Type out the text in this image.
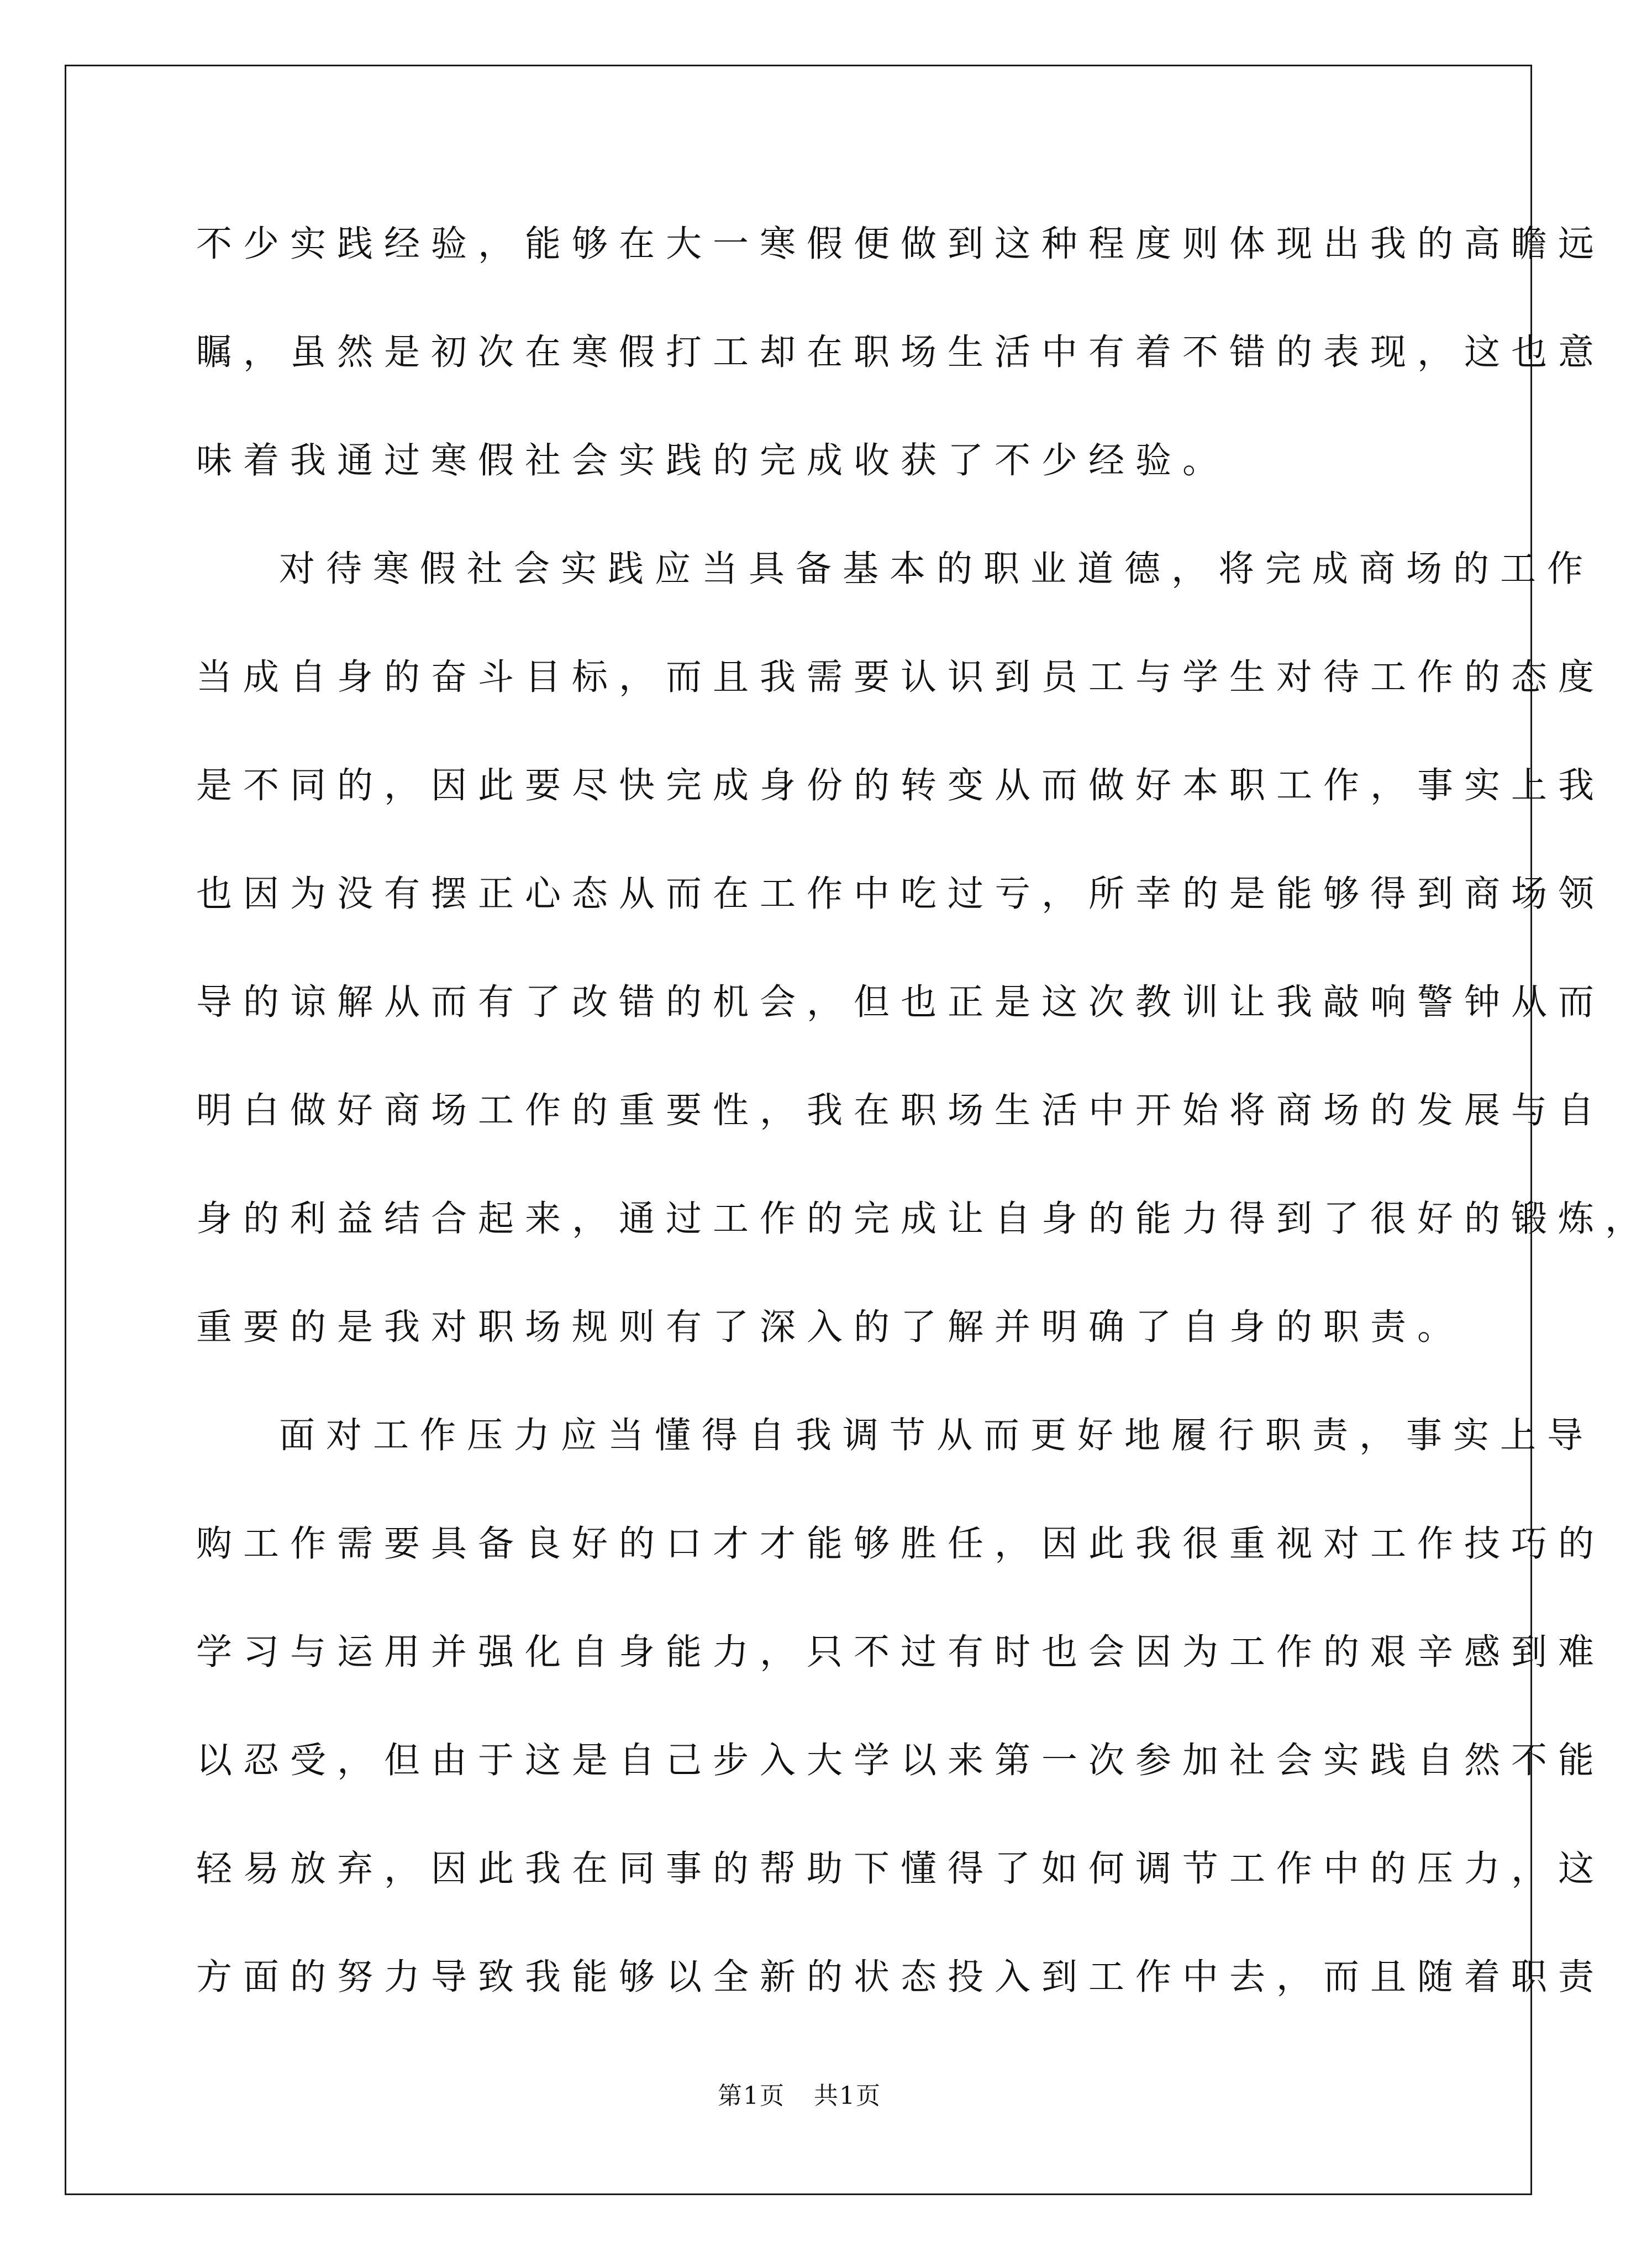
不少实践经验，能够在大一寒假便做到这种程度则体现出我的高瞻远
瞩，虽然是初次在寒假打工却在职场生活中有着不错的表现，这也意
味着我通过寒假社会实践的完成收获了不少经验。
对待寒假社会实践应当具备基本的职业道德，将完成商场的工作
当成自身的奋斗目标，而且我需要认识到员工与学生对待工作的态度
是不同的，因此要尽快完成身份的转变从而做好本职工作，事实上我
也因为没有摆正心态从而在工作中吃过亏，所幸的是能够得到商场领
导的谅解从而有了改错的机会，但也正是这次教训让我敲响警钟从而
明白做好商场工作的重要性，我在职场生活中开始将商场的发展与自
身的利益结合起来，通过工作的完成让自身的能力得到了很好的锻炼，
重要的是我对职场规则有了深入的了解并明确了自身的职责。
面对工作压力应当懂得自我调节从而更好地履行职责，事实上导
购工作需要具备良好的口才才能够胜任，因此我很重视对工作技巧的
学习与运用并强化自身能力，只不过有时也会因为工作的艰辛感到难
以忍受，但由于这是自己步入大学以来第一次参加社会实践自然不能
轻易放弃，因此我在同事的帮助下懂得了如何调节工作中的压力，这
方面的努力导致我能够以全新的状态投入到工作中去，而且随着职责
第1页 共1页
